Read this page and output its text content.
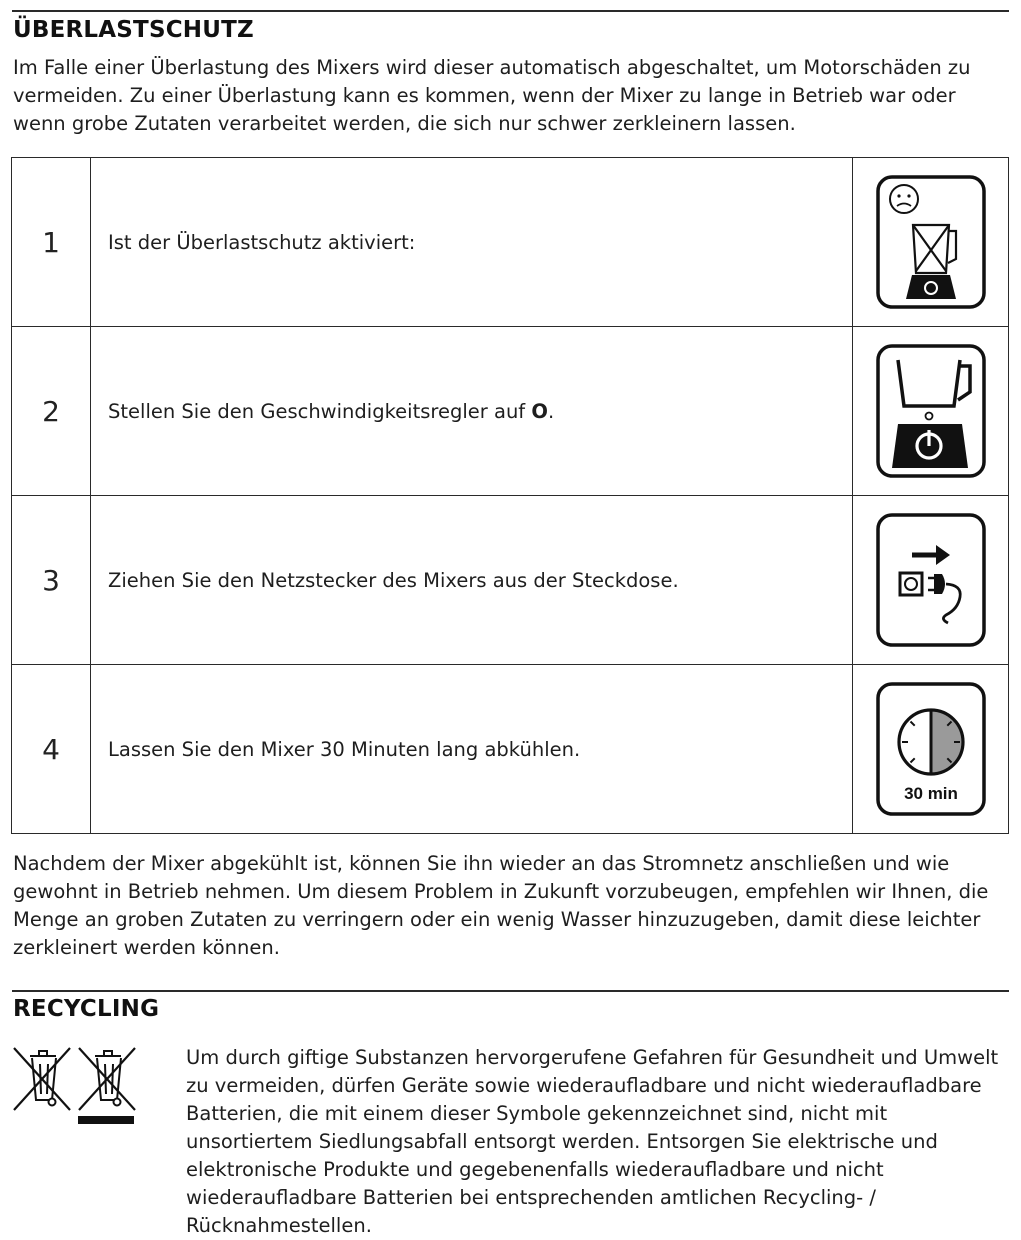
ÜBERLASTSCHUTZ
Im Falle einer Überlastung des Mixers wird dieser automatisch abgeschaltet, um Motorschäden zu vermeiden. Zu einer Überlastung kann es kommen, wenn der Mixer zu lange in Betrieb war oder wenn grobe Zutaten verarbeitet werden, die sich nur schwer zerkleinern lassen.
1	Ist der Überlastschutz aktiviert:	

2	Stellen Sie den Geschwindigkeitsregler auf O.	

3	Ziehen Sie den Netzstecker des Mixers aus der Steckdose.	

4	Lassen Sie den Mixer 30 Minuten lang abkühlen.	30 min
Nachdem der Mixer abgekühlt ist, können Sie ihn wieder an das Stromnetz anschließen und wie gewohnt in Betrieb nehmen. Um diesem Problem in Zukunft vorzubeugen, empfehlen wir Ihnen, die Menge an groben Zutaten zu verringern oder ein wenig Wasser hinzuzugeben, damit diese leichter zerkleinert werden können.
RECYCLING
Um durch giftige Substanzen hervorgerufene Gefahren für Gesundheit und Umwelt zu vermeiden, dürfen Geräte sowie wiederaufladbare und nicht wiederaufladbare Batterien, die mit einem dieser Symbole gekennzeichnet sind, nicht mit unsortiertem Siedlungsabfall entsorgt werden. Entsorgen Sie elektrische und elektronische Produkte und gegebenenfalls wiederaufladbare und nicht wiederaufladbare Batterien bei entsprechenden amtlichen Recycling- / Rücknahmestellen.
